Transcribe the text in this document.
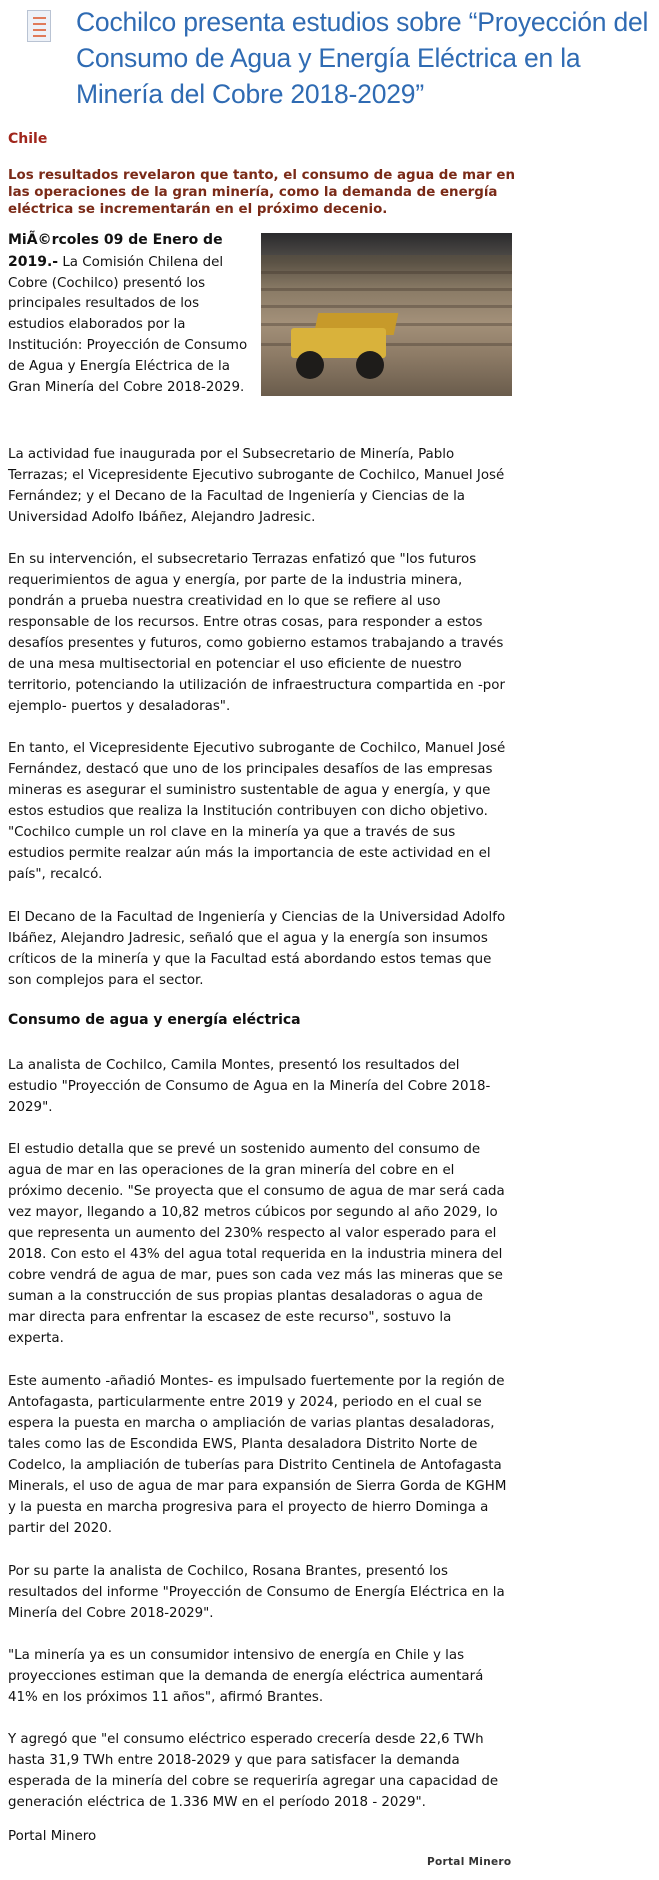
Cochilco presenta estudios sobre “Proyección del Consumo de Agua y Energía Eléctrica en la Minería del Cobre 2018-2029”

Chile

Los resultados revelaron que tanto, el consumo de agua de mar en las operaciones de la gran minería, como la demanda de energía eléctrica se incrementarán en el próximo decenio.

MiÃ©rcoles 09 de Enero de 2019.- La Comisión Chilena del Cobre (Cochilco) presentó los principales resultados de los estudios elaborados por la Institución: Proyección de Consumo de Agua y Energía Eléctrica de la Gran Minería del Cobre 2018-2029.

La actividad fue inaugurada por el Subsecretario de Minería, Pablo Terrazas; el Vicepresidente Ejecutivo subrogante de Cochilco, Manuel José Fernández; y el Decano de la Facultad de Ingeniería y Ciencias de la Universidad Adolfo Ibáñez, Alejandro Jadresic.

En su intervención, el subsecretario Terrazas enfatizó que "los futuros requerimientos de agua y energía, por parte de la industria minera, pondrán a prueba nuestra creatividad en lo que se refiere al uso responsable de los recursos. Entre otras cosas, para responder a estos desafíos presentes y futuros, como gobierno estamos trabajando a través de una mesa multisectorial en potenciar el uso eficiente de nuestro territorio, potenciando la utilización de infraestructura compartida en -por ejemplo- puertos y desaladoras".

En tanto, el Vicepresidente Ejecutivo subrogante de Cochilco, Manuel José Fernández, destacó que uno de los principales desafíos de las empresas mineras es asegurar el suministro sustentable de agua y energía, y que estos estudios que realiza la Institución contribuyen con dicho objetivo. "Cochilco cumple un rol clave en la minería ya que a través de sus estudios permite realzar aún más la importancia de este actividad en el país", recalcó.

El Decano de la Facultad de Ingeniería y Ciencias de la Universidad Adolfo Ibáñez, Alejandro Jadresic, señaló que el agua y la energía son insumos críticos de la minería y que la Facultad está abordando estos temas que son complejos para el sector.

Consumo de agua y energía eléctrica

La analista de Cochilco, Camila Montes, presentó los resultados del estudio "Proyección de Consumo de Agua en la Minería del Cobre 2018-2029".

El estudio detalla que se prevé un sostenido aumento del consumo de agua de mar en las operaciones de la gran minería del cobre en el próximo decenio. "Se proyecta que el consumo de agua de mar será cada vez mayor, llegando a 10,82 metros cúbicos por segundo al año 2029, lo que representa un aumento del 230% respecto al valor esperado para el 2018. Con esto el 43% del agua total requerida en la industria minera del cobre vendrá de agua de mar, pues son cada vez más las mineras que se suman a la construcción de sus propias plantas desaladoras o agua de mar directa para enfrentar la escasez de este recurso", sostuvo la experta.

Este aumento -añadió Montes- es impulsado fuertemente por la región de Antofagasta, particularmente entre 2019 y 2024, periodo en el cual se espera la puesta en marcha o ampliación de varias plantas desaladoras, tales como las de Escondida EWS, Planta desaladora Distrito Norte de Codelco, la ampliación de tuberías para Distrito Centinela de Antofagasta Minerals, el uso de agua de mar para expansión de Sierra Gorda de KGHM y la puesta en marcha progresiva para el proyecto de hierro Dominga a partir del 2020.

Por su parte la analista de Cochilco, Rosana Brantes, presentó los resultados del informe "Proyección de Consumo de Energía Eléctrica en la Minería del Cobre 2018-2029".

"La minería ya es un consumidor intensivo de energía en Chile y las proyecciones estiman que la demanda de energía eléctrica aumentará 41% en los próximos 11 años", afirmó Brantes.

Y agregó que "el consumo eléctrico esperado crecería desde 22,6 TWh hasta 31,9 TWh entre 2018-2029 y que para satisfacer la demanda esperada de la minería del cobre se requeriría agregar una capacidad de generación eléctrica de 1.336 MW en el período 2018 - 2029".

Portal Minero

Portal Minero
